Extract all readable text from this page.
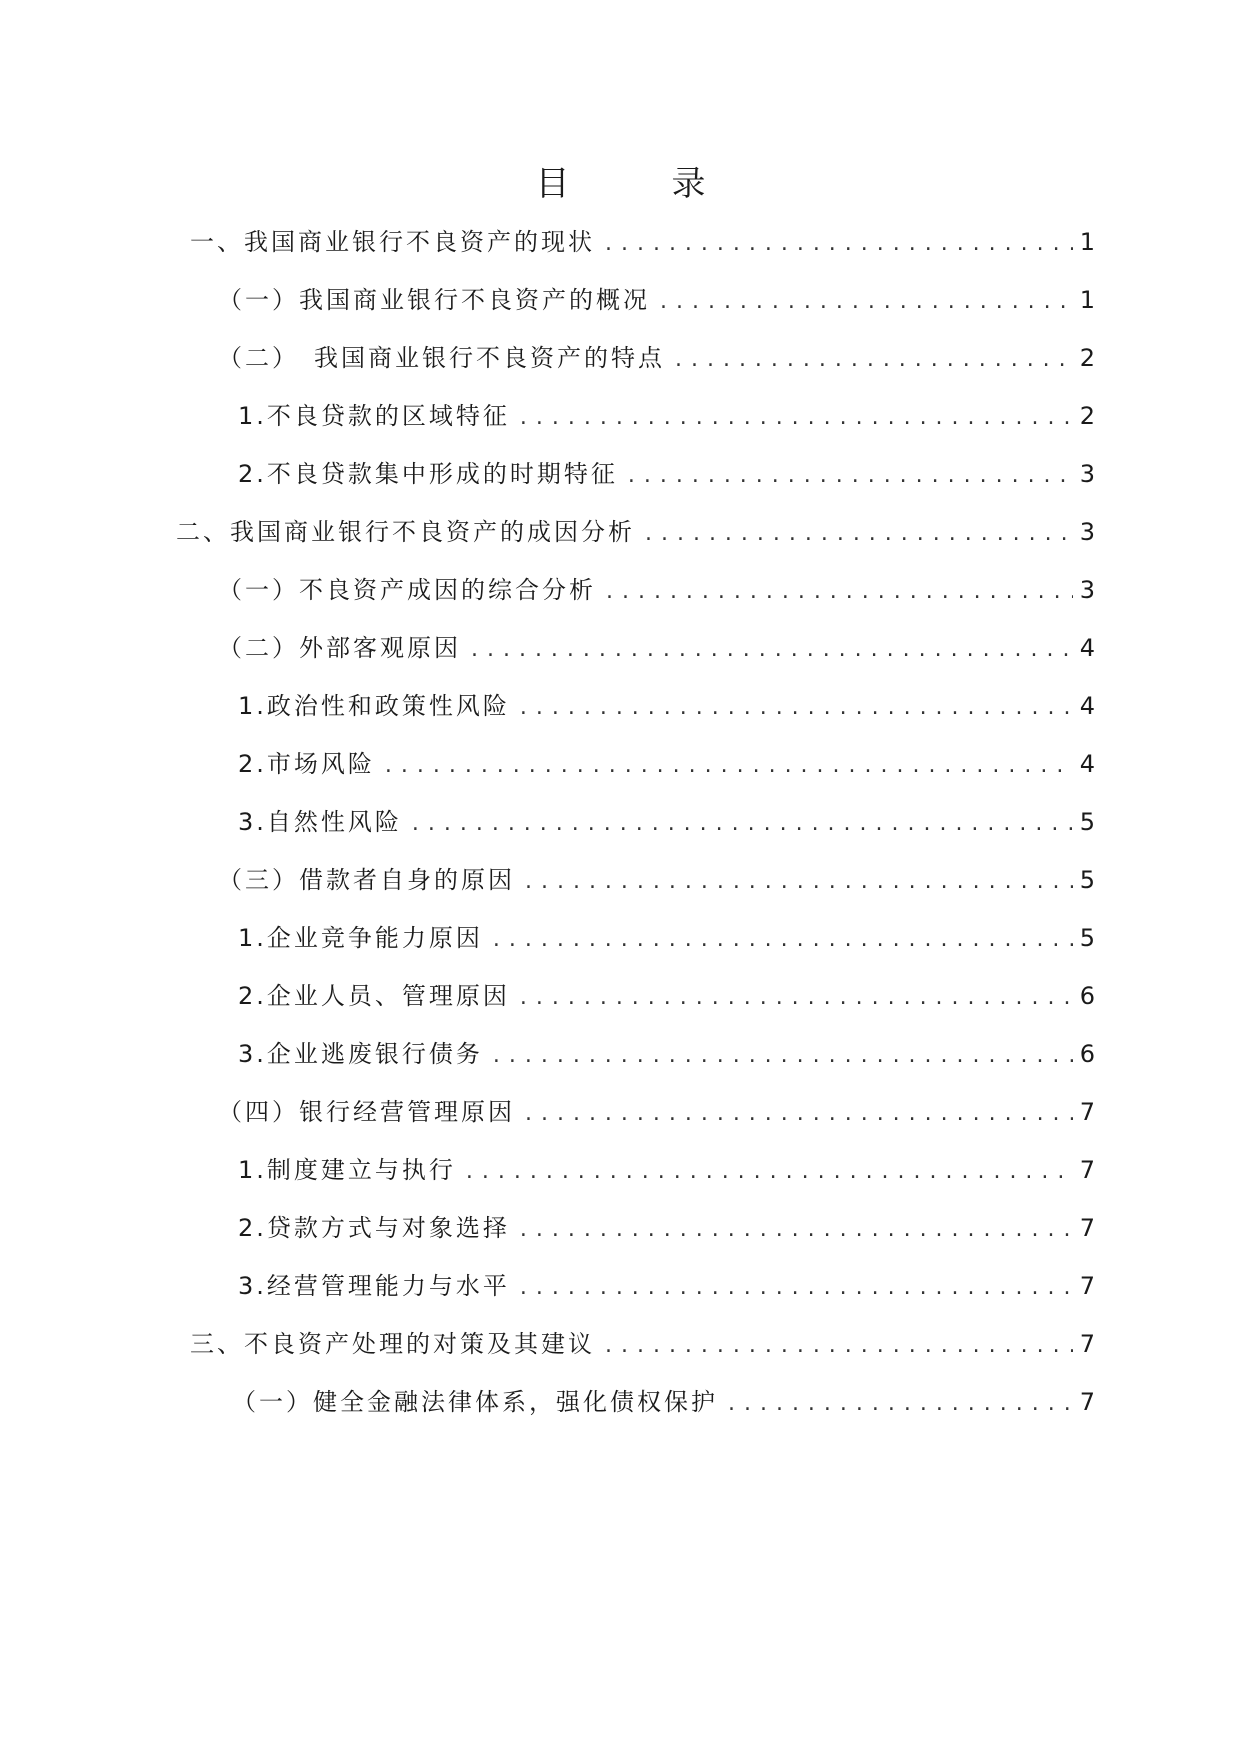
目　录
一、我国商业银行不良资产的现状 . . .	1
（一）我国商业银行不良资产的概况 . . .	1
（二）　我国商业银行不良资产的特点 . . .	2
1.不良贷款的区域特征 . . .	2
2.不良贷款集中形成的时期特征 . . .	3
二、我国商业银行不良资产的成因分析 . . .	3
（一）不良资产成因的综合分析 . . .	3
（二）外部客观原因 . . .	4
1.政治性和政策性风险 . . .	4
2.市场风险 . . .	4
3.自然性风险 . . .	5
（三）借款者自身的原因 . . .	5
1.企业竞争能力原因 . . .	5
2.企业人员、管理原因 . . .	6
3.企业逃废银行债务 . . .	6
（四）银行经营管理原因 . . .	7
1.制度建立与执行 . . .	7
2.贷款方式与对象选择 . . .	7
3.经营管理能力与水平 . . .	7
三、不良资产处理的对策及其建议 . . .	7
（一）健全金融法律体系，强化债权保护 . . .	7
